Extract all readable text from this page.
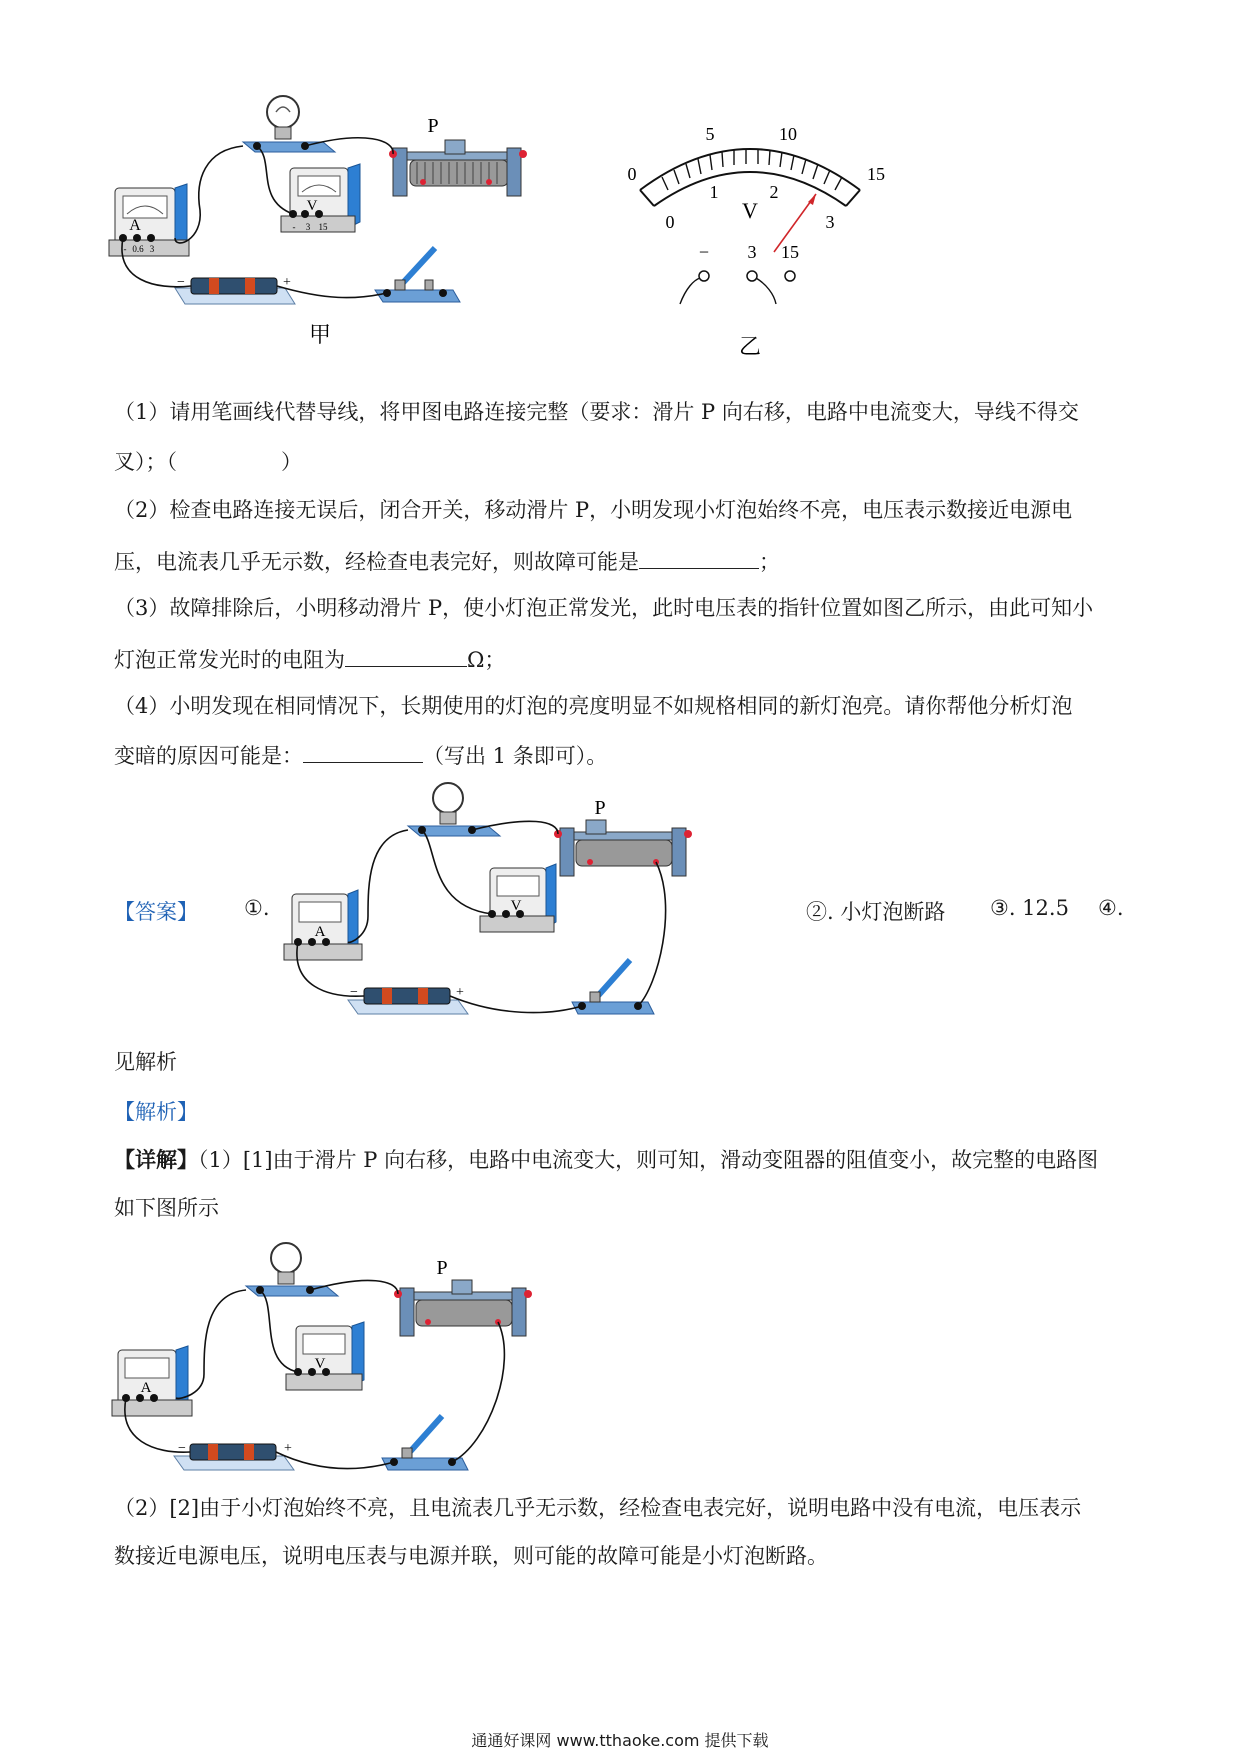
A
- 0.6 3
V
- 3 15
P
−	+
甲
0
5	10
15
0
1	2
3
V
− 3 15
乙
（1）请用笔画线代替导线，将甲图电路连接完整（要求：滑片 P 向右移，电路中电流变大，导线不得交
叉）；（	）
（2）检查电路连接无误后，闭合开关，移动滑片 P，小明发现小灯泡始终不亮，电压表示数接近电源电
压，电流表几乎无示数，经检查电表完好，则故障可能是	；
（3）故障排除后，小明移动滑片 P，使小灯泡正常发光，此时电压表的指针位置如图乙所示，由此可知小
灯泡正常发光时的电阻为	Ω；
（4）小明发现在相同情况下，长期使用的灯泡的亮度明显不如规格相同的新灯泡亮。请你帮他分析灯泡
变暗的原因可能是：	（写出 1 条即可）。
【答案】 ①.
A
V
P
−	+
②. 小灯泡断路 ③. 12.5 ④.
见解析
【解析】
【详解】（1）[1]由于滑片 P 向右移，电路中电流变大，则可知，滑动变阻器的阻值变小，故完整的电路图
如下图所示
A
V
P
−	+
（2）[2]由于小灯泡始终不亮，且电流表几乎无示数，经检查电表完好，说明电路中没有电流，电压表示
数接近电源电压，说明电压表与电源并联，则可能的故障可能是小灯泡断路。
通通好课网 www.tthaoke.com 提供下载
